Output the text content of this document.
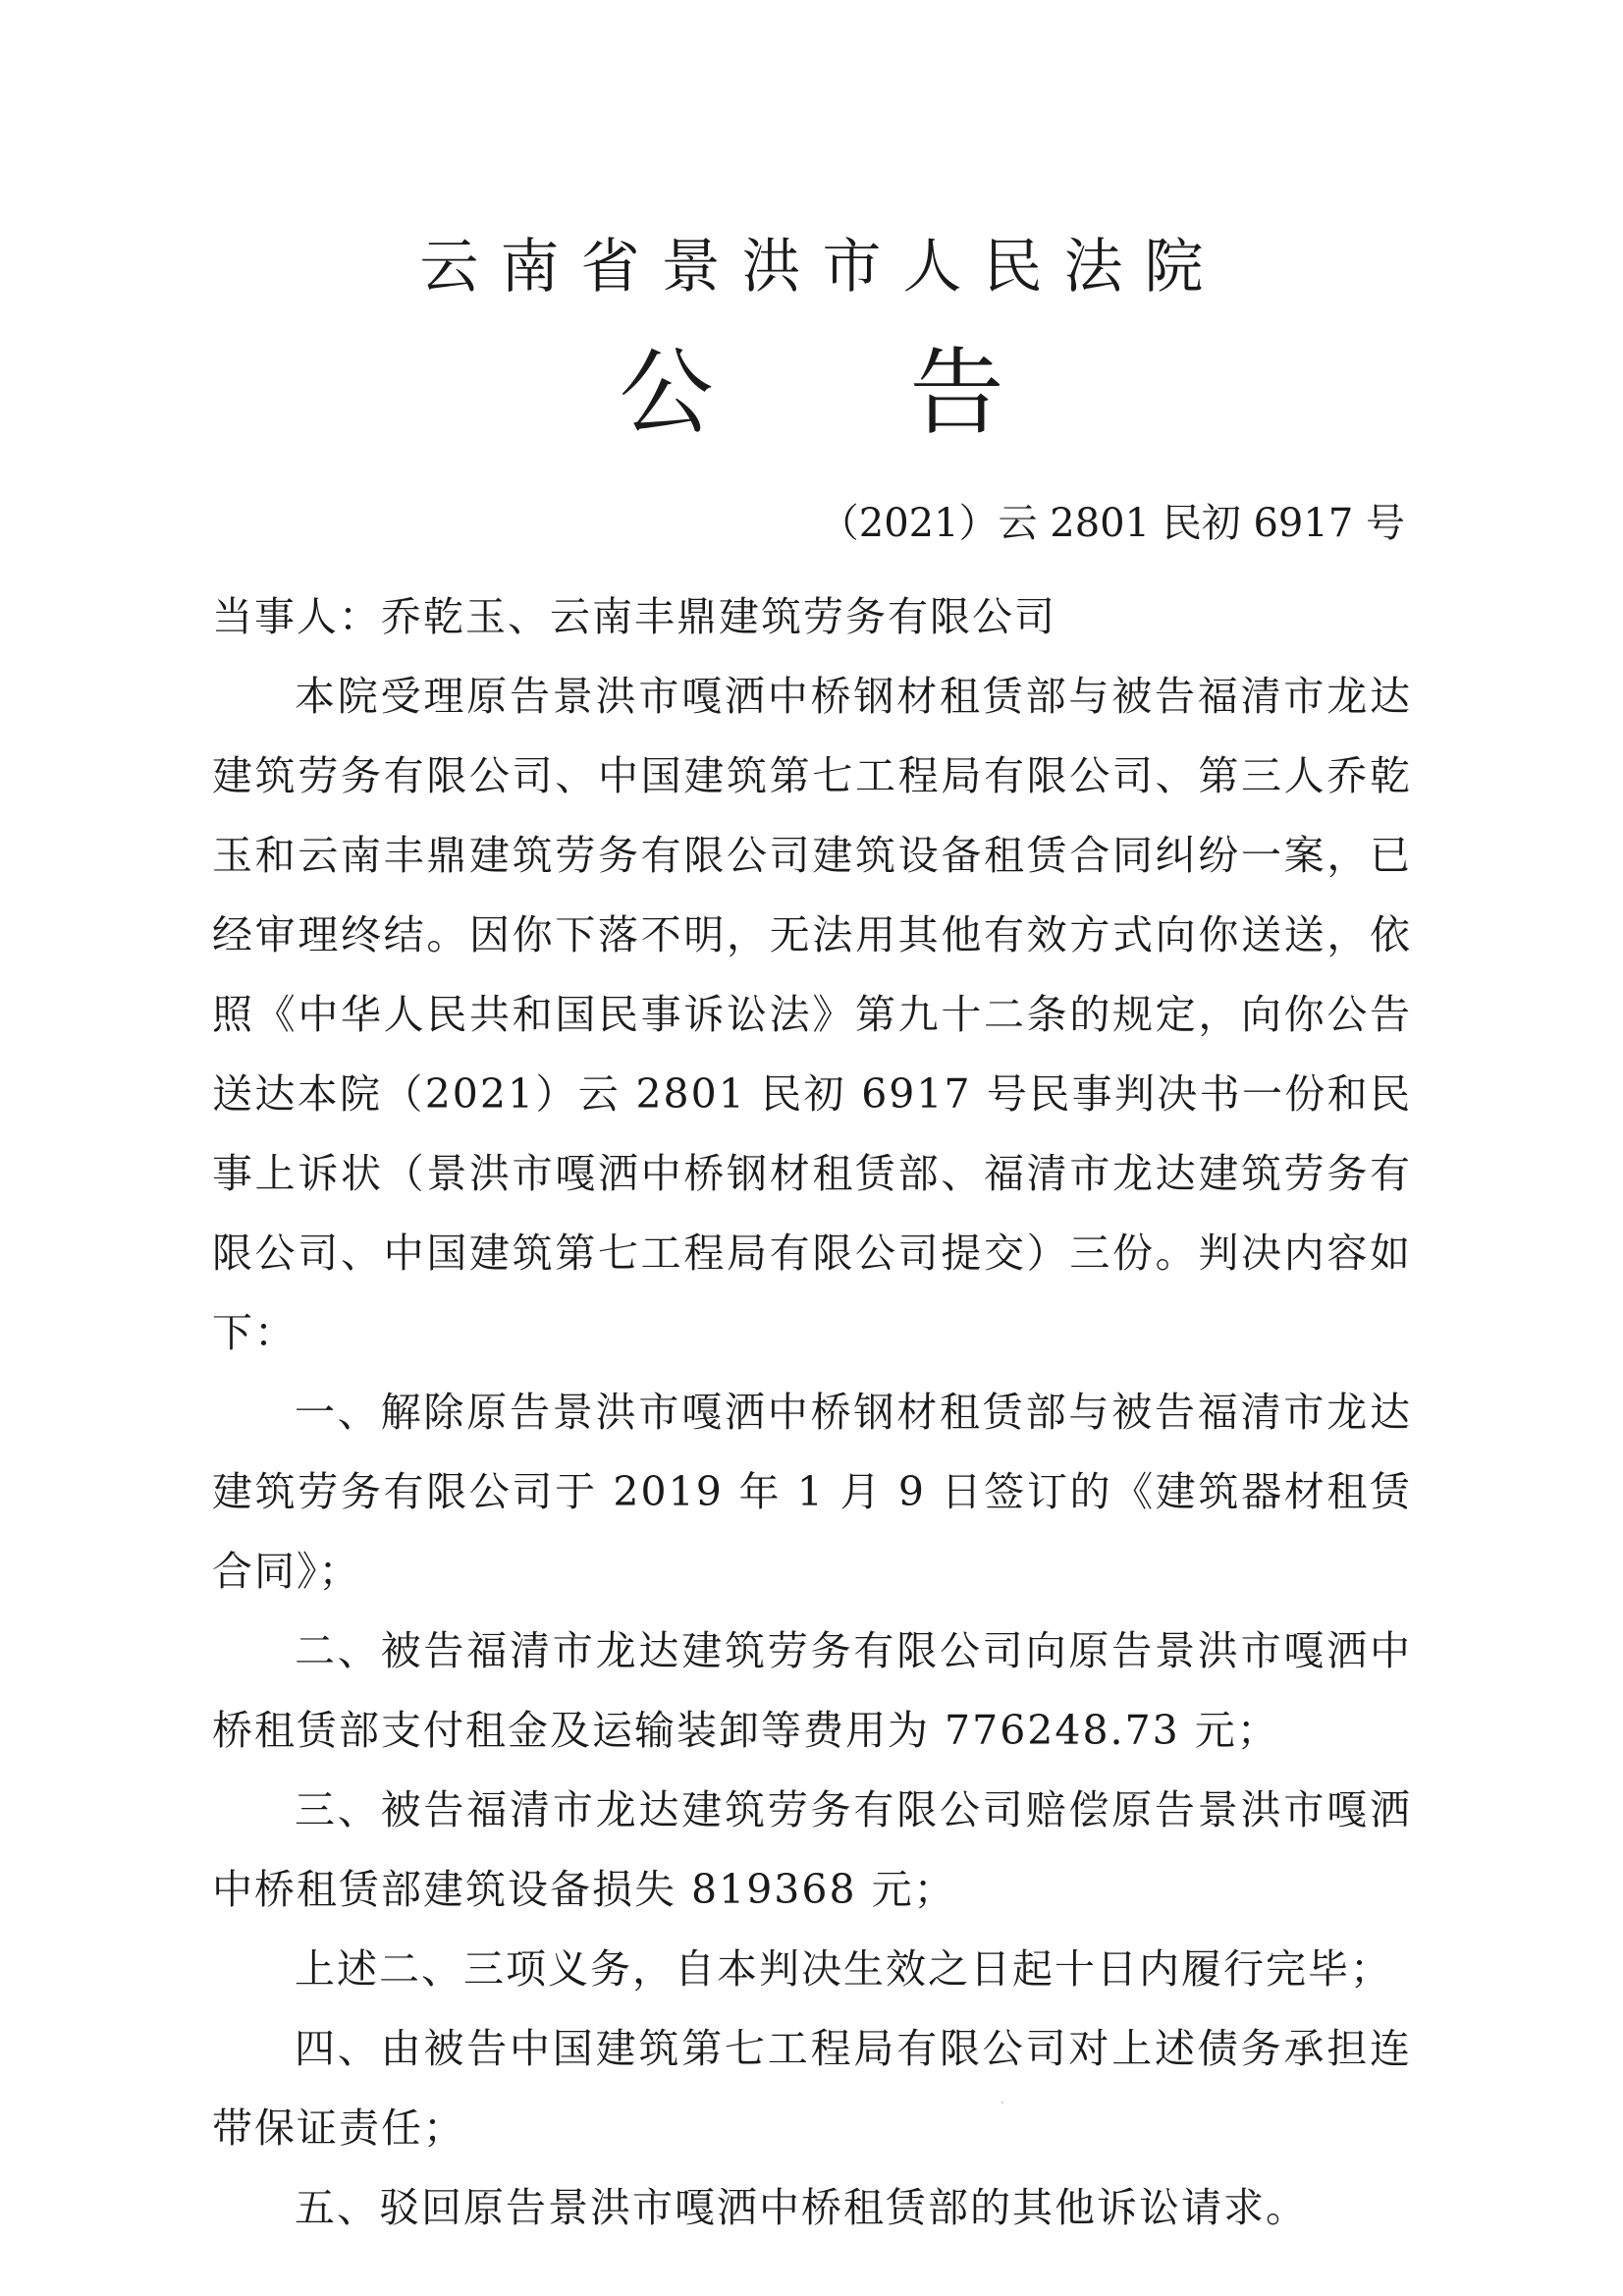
云南省景洪市人民法院
公 告
（2021）云 2801 民初 6917 号

当事人：乔乾玉、云南丰鼎建筑劳务有限公司

本院受理原告景洪市嘎洒中桥钢材租赁部与被告福清市龙达建筑劳务有限公司、中国建筑第七工程局有限公司、第三人乔乾玉和云南丰鼎建筑劳务有限公司建筑设备租赁合同纠纷一案，已经审理终结。因你下落不明，无法用其他有效方式向你送送，依照《中华人民共和国民事诉讼法》第九十二条的规定，向你公告送达本院（2021）云 2801 民初 6917 号民事判决书一份和民事上诉状（景洪市嘎洒中桥钢材租赁部、福清市龙达建筑劳务有限公司、中国建筑第七工程局有限公司提交）三份。判决内容如下：

一、解除原告景洪市嘎洒中桥钢材租赁部与被告福清市龙达建筑劳务有限公司于 2019 年 1 月 9 日签订的《建筑器材租赁合同》；

二、被告福清市龙达建筑劳务有限公司向原告景洪市嘎洒中桥租赁部支付租金及运输装卸等费用为 776248.73 元；

三、被告福清市龙达建筑劳务有限公司赔偿原告景洪市嘎洒中桥租赁部建筑设备损失 819368 元；

上述二、三项义务，自本判决生效之日起十日内履行完毕；

四、由被告中国建筑第七工程局有限公司对上述债务承担连带保证责任；

五、驳回原告景洪市嘎洒中桥租赁部的其他诉讼请求。
